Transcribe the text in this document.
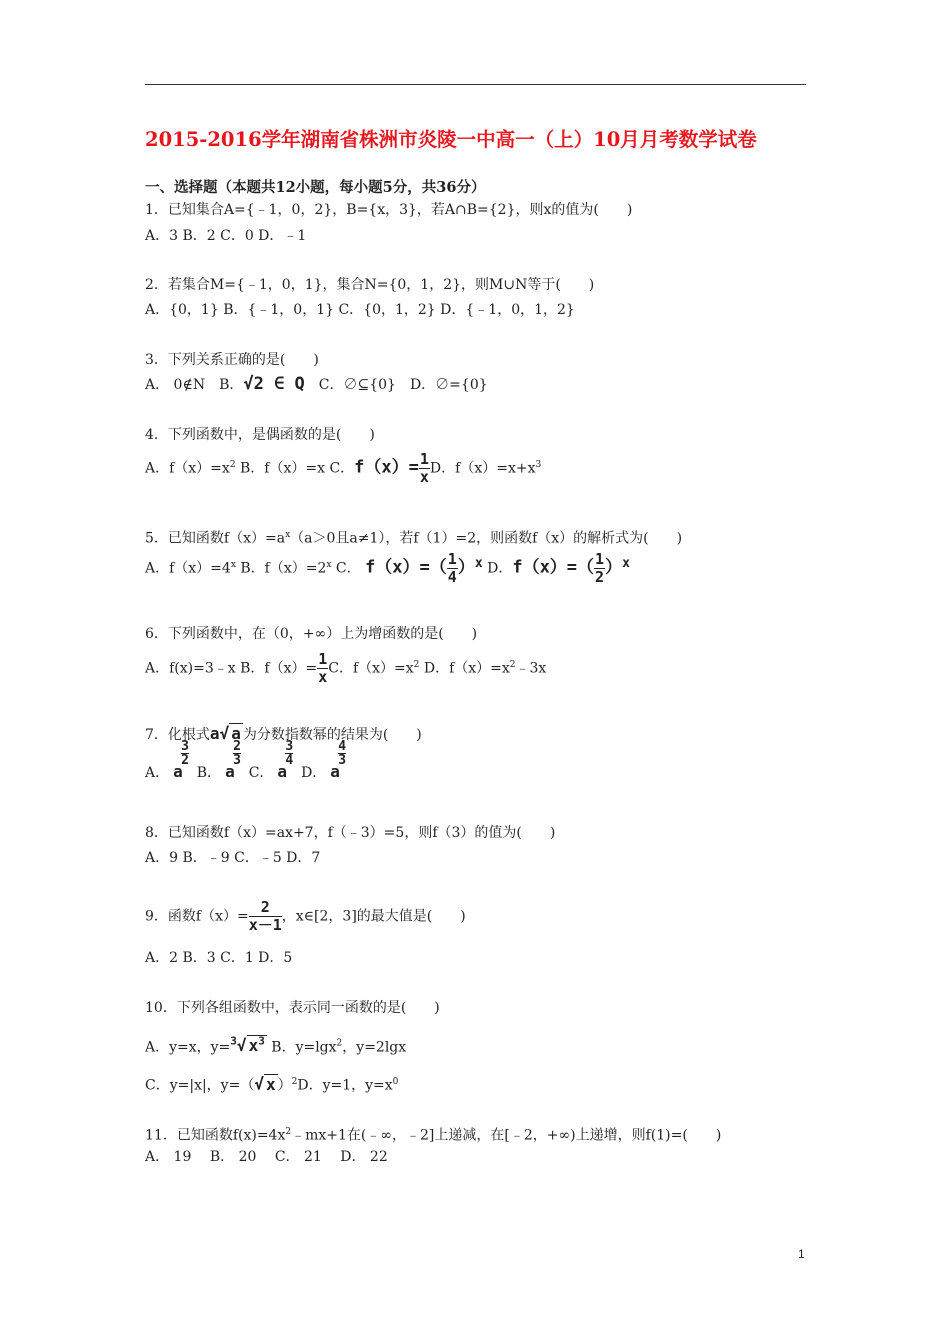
2015-2016学年湖南省株洲市炎陵一中高一（上）10月月考数学试卷
一、选择题（本题共12小题，每小题5分，共36分）
1．已知集合A={﹣1，0，2}，B={x，3}，若A∩B={2}，则x的值为(　　)
A．3 B．2 C．0 D．﹣1
2．若集合M={﹣1，0，1}，集合N={0，1，2}，则M∪N等于(　　)
A．{0，1} B．{﹣1，0，1} C．{0，1，2} D．{﹣1，0，1，2}
3．下列关系正确的是(　　)
A． 0∉N　B．√2 ∈ Q　C．∅⊆{0}　D．∅={0}
4．下列函数中，是偶函数的是(　　)
A．$f(x)=x^2$ B．f（x）=x C．$f(x)= \frac{1}{x}$ D．$f(x)=x+x^3$
5．已知函数$f(x)=a^x(a>0$且a≠1），若f（1）=2，则函数f（x）的解析式为(　　)
A．$f(x)=4^x$ B．$f(x)=2^x$ C． $f(x)=( \frac{1}{4} )x$ D．$f(x)=( \frac{1}{2} )x$
6．下列函数中，在（0，+∞）上为增函数的是(　　)
A．f(x)=3﹣x B．$f(x)= \frac{1}{x}$ C．$f(x)=x^2$ D．$f(x)=x^2﹣3x$
7．化根式a√ a 为分数指数幂的结果为(　　)
A． a
$\frac{3}{2}$
B． a
$\frac{2}{3}$
C． a
$\frac{3}{4}$
D． a
$\frac{4}{3}$
8．已知函数f（x）=ax+7，f（﹣3）=5，则f（3）的值为(　　)
A．9 B．﹣9 C．﹣5 D．7
9．函数$f(x)= \frac{2}{x-1}$ ，x∈[2，3]的最大值是(　　)
A．2 B．3 C．1 D．5
10．下列各组函数中，表示同一函数的是(　　)
A．y=x，y=$^3$√ $x^3$ B．y=lgx$^2$，y=2lgx
C．y=|x|，y=（√ x ）$^2$D．y=1，$y=x^0$
11．已知函数$f(x)=4x^2﹣mx+1$在(﹣∞，﹣2]上递减，在[﹣2，+∞)上递增，则f(1)=(　　)
A． 19　 B． 20　 C． 21　 D． 22
1
